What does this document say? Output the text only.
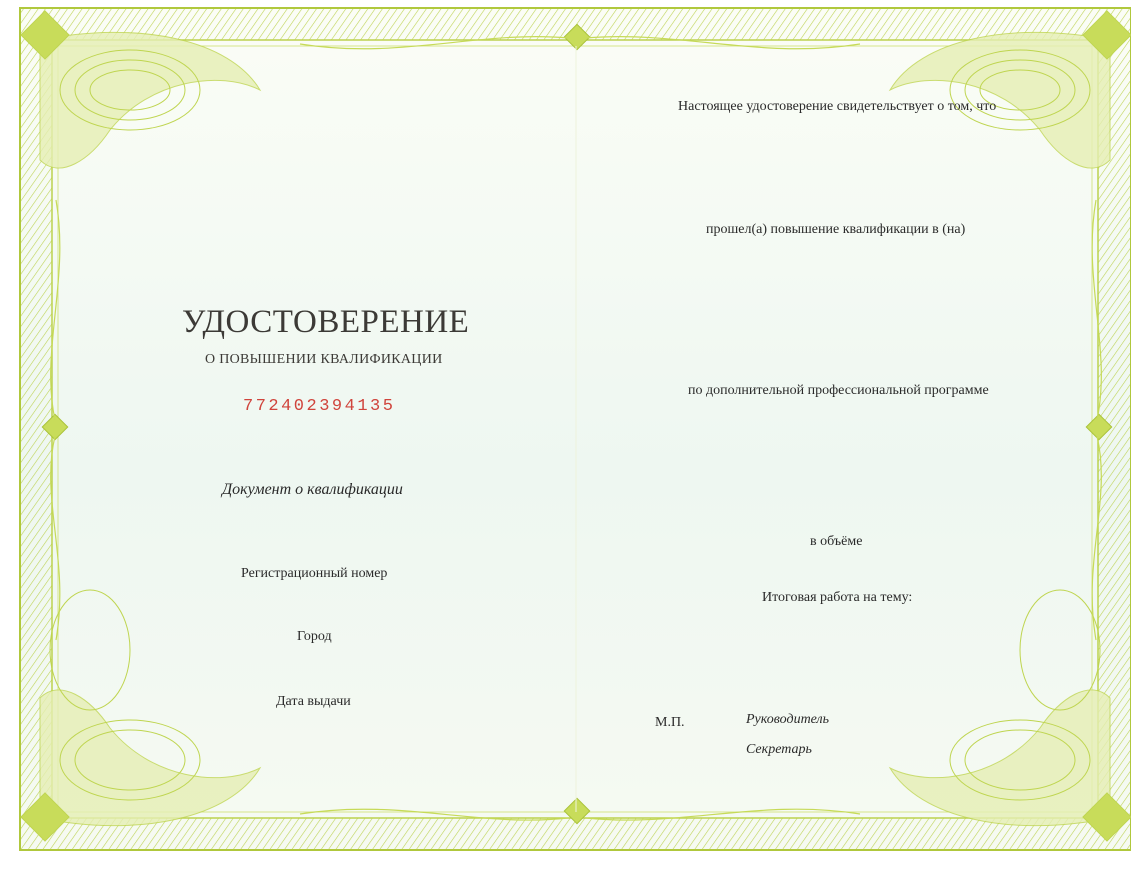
УДОСТОВЕРЕНИЕ
О ПОВЫШЕНИИ КВАЛИФИКАЦИИ
772402394135
Документ о квалификации
Регистрационный номер
Город
Дата выдачи
Настоящее удостоверение свидетельствует о том, что
прошел(а) повышение квалификации в (на)
по дополнительной профессиональной программе
в объёме
Итоговая работа на тему:
М.П.	Руководитель
Секретарь
